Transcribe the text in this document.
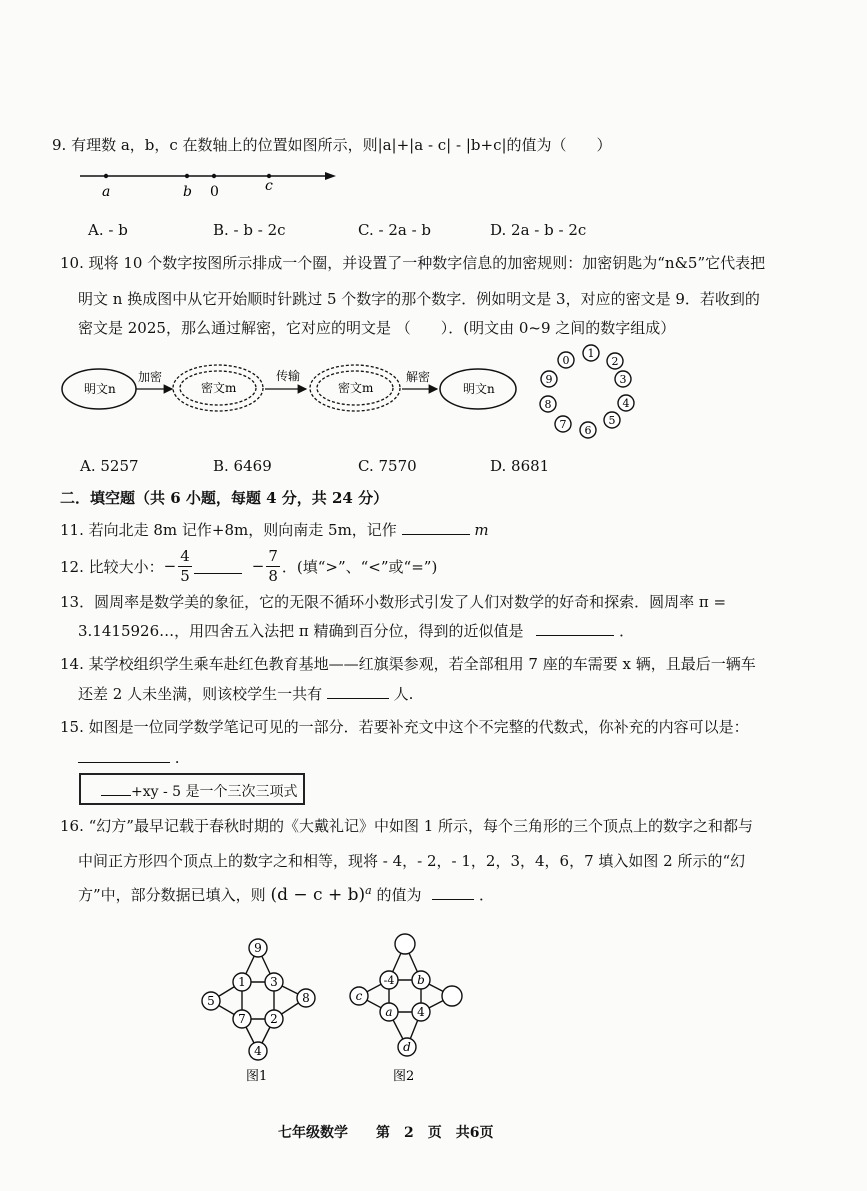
9. 有理数 a，b，c 在数轴上的位置如图所示，则|a|+|a - c| - |b+c|的值为（　　）
a	b 0	c
A. - b	B. - b - 2c	C. - 2a - b	D. 2a - b - 2c
10. 现将 10 个数字按图所示排成一个圈，并设置了一种数字信息的加密规则：加密钥匙为“n&5”它代表把
明文 n 换成图中从它开始顺时针跳过 5 个数字的那个数字．例如明文是 3，对应的密文是 9．若收到的
密文是 2025，那么通过解密，它对应的明文是 （　　）．(明文由 0~9 之间的数字组成）
明文n
加密
密文m
传输
密文m
解密
明文n
0
1
2
3
4
5
6
7
8
9
A. 5257	B. 6469	C. 7570	D. 8681
二．填空题（共 6 小题，每题 4 分，共 24 分）
11. 若向北走 8m 记作+8m，则向南走 5m，记作	m
12. 比较大小： − $\frac{4}{5}$	− $\frac{7}{8}$ ．(填“>”、“<”或“=”)
13．圆周率是数学美的象征，它的无限不循环小数形式引发了人们对数学的好奇和探索．圆周率 π =
3.1415926…，用四舍五入法把 π 精确到百分位，得到的近似值是	．
14. 某学校组织学生乘车赴红色教育基地——红旗渠参观，若全部租用 7 座的车需要 x 辆，且最后一辆车
还差 2 人未坐满，则该校学生一共有	人.
15. 如图是一位同学数学笔记可见的一部分．若要补充文中这个不完整的代数式，你补充的内容可以是：
.
+xy - 5 是一个三次三项式
16. “幻方”最早记载于春秋时期的《大戴礼记》中如图 1 所示，每个三角形的三个顶点上的数字之和都与
中间正方形四个顶点上的数字之和相等，现将 - 4，- 2，- 1，2，3，4，6，7 填入如图 2 所示的“幻
方”中，部分数据已填入，则 $(d - c + b)^a$ 的值为	．
9
1 3
5	8
7 2
4
图1
-4 b
c
a 4
d
图2
七年级数学　　第　2　页　共6页
